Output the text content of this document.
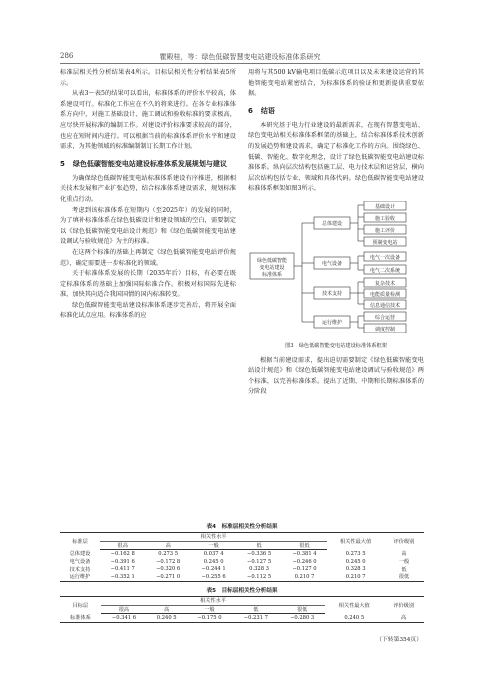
286	瞿殿桂，等：绿色低碳智慧变电站建设标准体系研究

标准层相关性分析结果表4所示。目标层相关性分析结果表5所示。

从表3～表5的结果可以看出，标准体系的评价水平较高，体系建设可行。标准化工作应在不久的将来进行。在各专业标准体系方向中，对施工基础设计、施工调试和验收标准的要求极高，应尽快开展标准的编制工作。对建设评价标准要求较高的部分，也应在短时间内进行。可以根据当前的标准体系评价水平和建设需求，为其他领域的标准编制制订长期工作计划。

5 绿色低碳智能变电站建设标准体系发展规划与建议

为确保绿色低碳智能变电站标准体系建设有序推进，根据相关技术发展和产业扩张趋势，结合标准体系建设需求，规划标准化重点行动。

考虑到该标准体系在短期内（至2025年）的发展的同时，为了填补标准体系在绿色低碳设计和建设领域的空白，需要制定以《绿色低碳智能变电站设计规范》和《绿色低碳智能变电站建设调试与验收规范》为主的标准。

在这两个标准的基础上再制定《绿色低碳智能变电站评价规范》，确定需要进一步标准化的领域。

关于标准体系发展的长期（2035年后）目标，有必要在既定标准体系的基础上加强国际标准合作。积极对标国际先进标准，加快其向适合我国国情的国内标准转变。

绿色低碳智能变电站建设标准体系逐步完善后，将开展全面标准化试点应用。标准体系的应

用将与其500 kV输电项目低碳示范项目以及未来建设运营的其他智能变电站紧密结合，为标准体系的验证和更新提供重要依据。

6 结语

本研究基于电力行业建设的最新需求，在现有智慧变电站、绿色变电站相关标准体系框架的基础上，结合标准体系技术创新的发展趋势和建设需求，确定了标准化工作的方向。围绕绿色、低碳、智能化、数字化理念，设计了绿色低碳智能变电站建设标准体系。纵向层次结构包括施工层、电力技术层和运营层，横向层次结构包括专业、领域和具体代码。绿色低碳智能变电站建设标准体系框架如图3所示。

绿色低碳智能
变电站建设
标准体系
总体建设
基础设计
施工验收
施工评价
预制变电站
电气设备
电气一次设备
电气二次系统
技术支持
复杂技术
电能质量检测
信息通信技术
运行维护
综合运营
调度控制
图3　绿色低碳智能变电站建设标准体系框架

根据当前建设需求，提出迫切需要制定《绿色低碳智能变电站设计规范》和《绿色低碳智能变电站建设调试与验收规范》两个标准，以完善标准体系。提出了近期、中期和长期标准体系的分阶段

表4　标准层相关性分析结果
标准层	相关性水平					相关性最大值	评价级别
	很高	高	一般	低	很低		
总体建设	−0.162 8	0.273 5	0.037 4	−0.336 5	−0.381 4	0.273 5	高
电气设备	−0.391 6	−0.172 8	0.245 0	−0.127 5	−0.246 0	0.245 0	一般
技术支持	−0.411 7	−0.320 6	−0.244 1	0.328 3	−0.127 0	0.328 3	低
运行维护	−0.352 1	−0.271 0	−0.255 6	−0.112 5	0.210 7	0.210 7	很低
表5　目标层相关性分析结果
目标层	相关性水平					相关性最大值	评价级别
	很高	高	一般	低	很低		
标准体系	−0.341 6	0.240 5	−0.175 0	−0.231 7	−0.280 3	0.240 5	高
（下转第354页）
